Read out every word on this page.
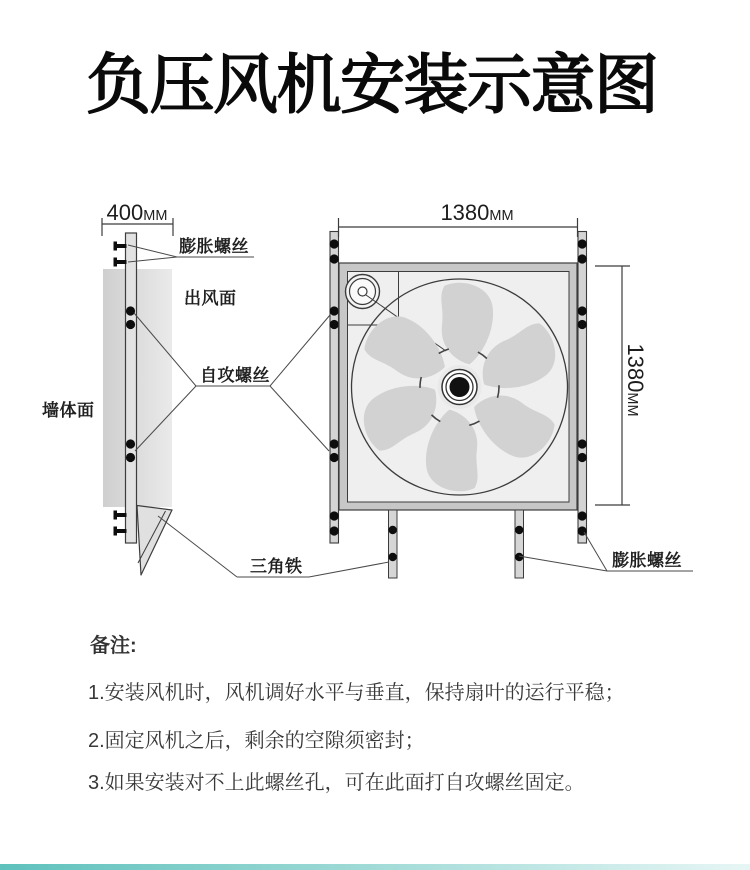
负压风机安装示意图
400MM	1380MM
1380MM
膨胀螺丝
出风面
自攻螺丝
墙体面
三角铁	膨胀螺丝
备注:
1.安装风机时，风机调好水平与垂直，保持扇叶的运行平稳；
2.固定风机之后，剩余的空隙须密封；
3.如果安装对不上此螺丝孔，可在此面打自攻螺丝固定。
